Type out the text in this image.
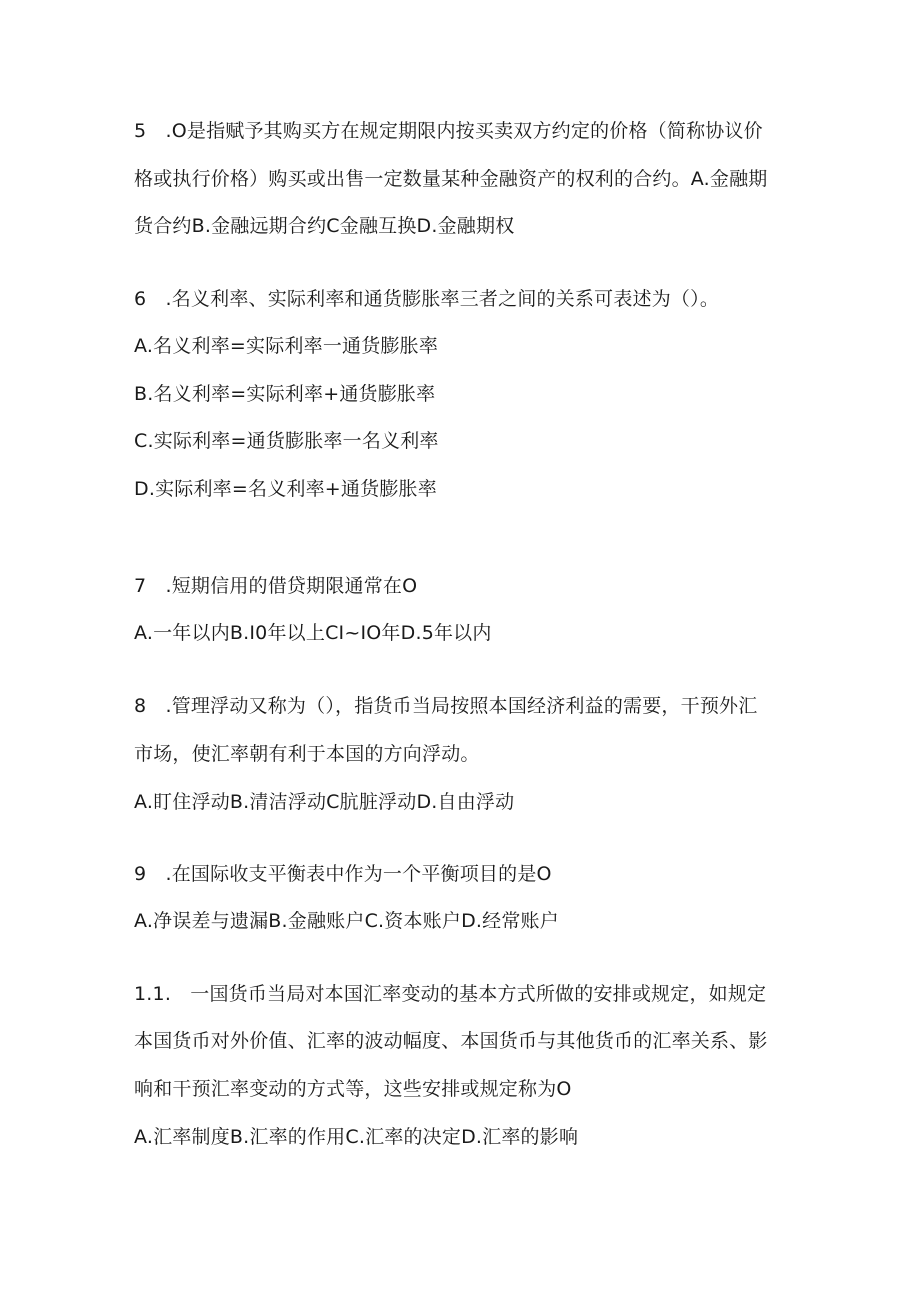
5　.O是指赋予其购买方在规定期限内按买卖双方约定的价格（简称协议价
格或执行价格）购买或出售一定数量某种金融资产的权利的合约。A.金融期
货合约B.金融远期合约C金融互换D.金融期权
6　.名义利率、实际利率和通货膨胀率三者之间的关系可表述为（）。
A.名义利率=实际利率一通货膨胀率
B.名义利率=实际利率+通货膨胀率
C.实际利率=通货膨胀率一名义利率
D.实际利率=名义利率+通货膨胀率
7　.短期信用的借贷期限通常在O
A.一年以内B.I0年以上CI~IO年D.5年以内
8　.管理浮动又称为（），指货币当局按照本国经济利益的需要，干预外汇
市场，使汇率朝有利于本国的方向浮动。
A.盯住浮动B.清洁浮动C肮脏浮动D.自由浮动
9　.在国际收支平衡表中作为一个平衡项目的是O
A.净误差与遗漏B.金融账户C.资本账户D.经常账户
1.1.　一国货币当局对本国汇率变动的基本方式所做的安排或规定，如规定
本国货币对外价值、汇率的波动幅度、本国货币与其他货币的汇率关系、影
响和干预汇率变动的方式等，这些安排或规定称为O
A.汇率制度B.汇率的作用C.汇率的决定D.汇率的影响
